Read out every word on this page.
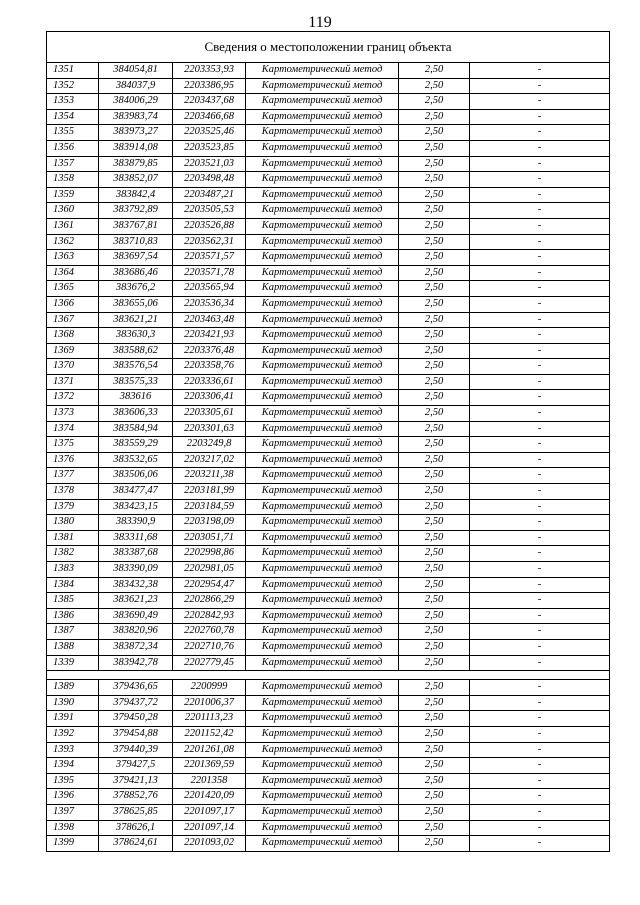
119
Сведения о местоположении границ объекта
1351	384054,81	2203353,93	Картометрический метод	2,50	-
1352	384037,9	2203386,95	Картометрический метод	2,50	-
1353	384006,29	2203437,68	Картометрический метод	2,50	-
1354	383983,74	2203466,68	Картометрический метод	2,50	-
1355	383973,27	2203525,46	Картометрический метод	2,50	-
1356	383914,08	2203523,85	Картометрический метод	2,50	-
1357	383879,85	2203521,03	Картометрический метод	2,50	-
1358	383852,07	2203498,48	Картометрический метод	2,50	-
1359	383842,4	2203487,21	Картометрический метод	2,50	-
1360	383792,89	2203505,53	Картометрический метод	2,50	-
1361	383767,81	2203526,88	Картометрический метод	2,50	-
1362	383710,83	2203562,31	Картометрический метод	2,50	-
1363	383697,54	2203571,57	Картометрический метод	2,50	-
1364	383686,46	2203571,78	Картометрический метод	2,50	-
1365	383676,2	2203565,94	Картометрический метод	2,50	-
1366	383655,06	2203536,34	Картометрический метод	2,50	-
1367	383621,21	2203463,48	Картометрический метод	2,50	-
1368	383630,3	2203421,93	Картометрический метод	2,50	-
1369	383588,62	2203376,48	Картометрический метод	2,50	-
1370	383576,54	2203358,76	Картометрический метод	2,50	-
1371	383575,33	2203336,61	Картометрический метод	2,50	-
1372	383616	2203306,41	Картометрический метод	2,50	-
1373	383606,33	2203305,61	Картометрический метод	2,50	-
1374	383584,94	2203301,63	Картометрический метод	2,50	-
1375	383559,29	2203249,8	Картометрический метод	2,50	-
1376	383532,65	2203217,02	Картометрический метод	2,50	-
1377	383506,06	2203211,38	Картометрический метод	2,50	-
1378	383477,47	2203181,99	Картометрический метод	2,50	-
1379	383423,15	2203184,59	Картометрический метод	2,50	-
1380	383390,9	2203198,09	Картометрический метод	2,50	-
1381	383311,68	2203051,71	Картометрический метод	2,50	-
1382	383387,68	2202998,86	Картометрический метод	2,50	-
1383	383390,09	2202981,05	Картометрический метод	2,50	-
1384	383432,38	2202954,47	Картометрический метод	2,50	-
1385	383621,23	2202866,29	Картометрический метод	2,50	-
1386	383690,49	2202842,93	Картометрический метод	2,50	-
1387	383820,96	2202760,78	Картометрический метод	2,50	-
1388	383872,34	2202710,76	Картометрический метод	2,50	-
1339	383942,78	2202779,45	Картометрический метод	2,50	-

1389	379436,65	2200999	Картометрический метод	2,50	-
1390	379437,72	2201006,37	Картометрический метод	2,50	-
1391	379450,28	2201113,23	Картометрический метод	2,50	-
1392	379454,88	2201152,42	Картометрический метод	2,50	-
1393	379440,39	2201261,08	Картометрический метод	2,50	-
1394	379427,5	2201369,59	Картометрический метод	2,50	-
1395	379421,13	2201358	Картометрический метод	2,50	-
1396	378852,76	2201420,09	Картометрический метод	2,50	-
1397	378625,85	2201097,17	Картометрический метод	2,50	-
1398	378626,1	2201097,14	Картометрический метод	2,50	-
1399	378624,61	2201093,02	Картометрический метод	2,50	-
